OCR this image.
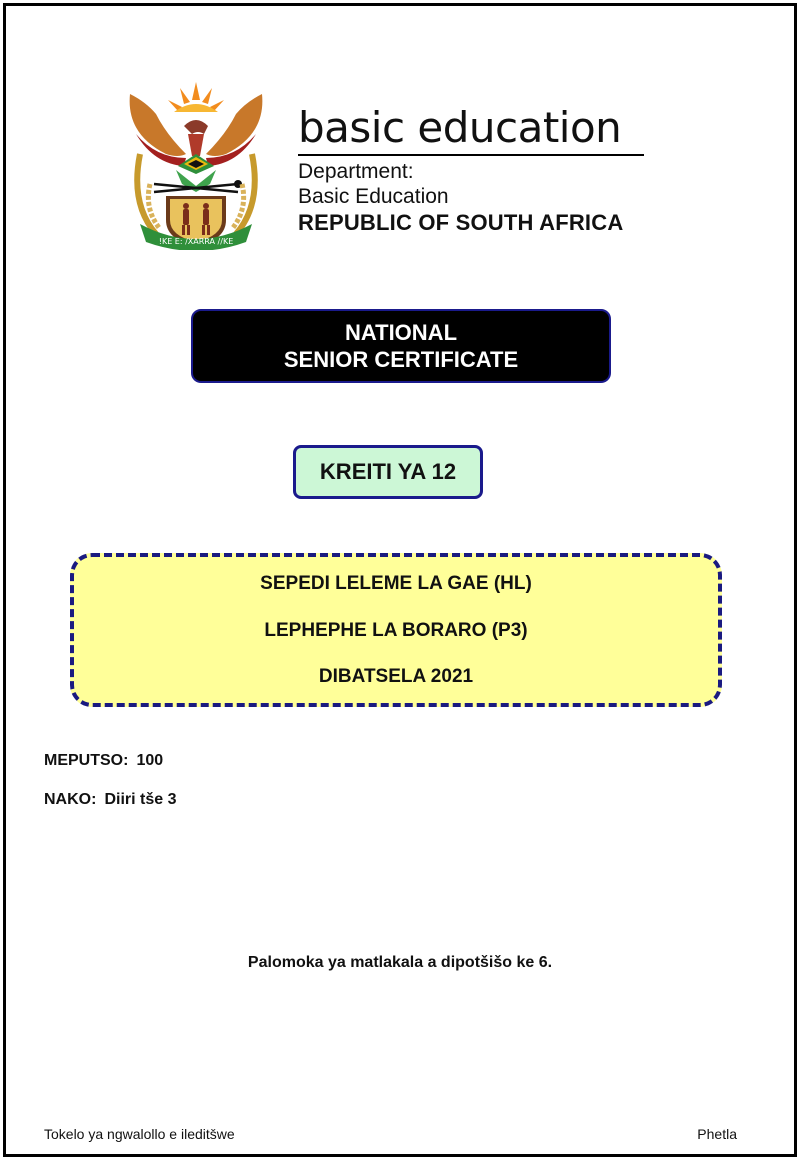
!KE E: /XARRA //KE
basic education
Department:
Basic Education
REPUBLIC OF SOUTH AFRICA
NATIONAL
SENIOR CERTIFICATE
KREITI YA 12
SEPEDI LELEME LA GAE (HL)
LEPHEPHE LA BORARO (P3)
DIBATSELA 2021
MEPUTSO: 100
NAKO: Diiri tše 3
Palomoka ya matlakala a dipotšišo ke 6.
Tokelo ya ngwalollo e ileditšwe	Phetla
